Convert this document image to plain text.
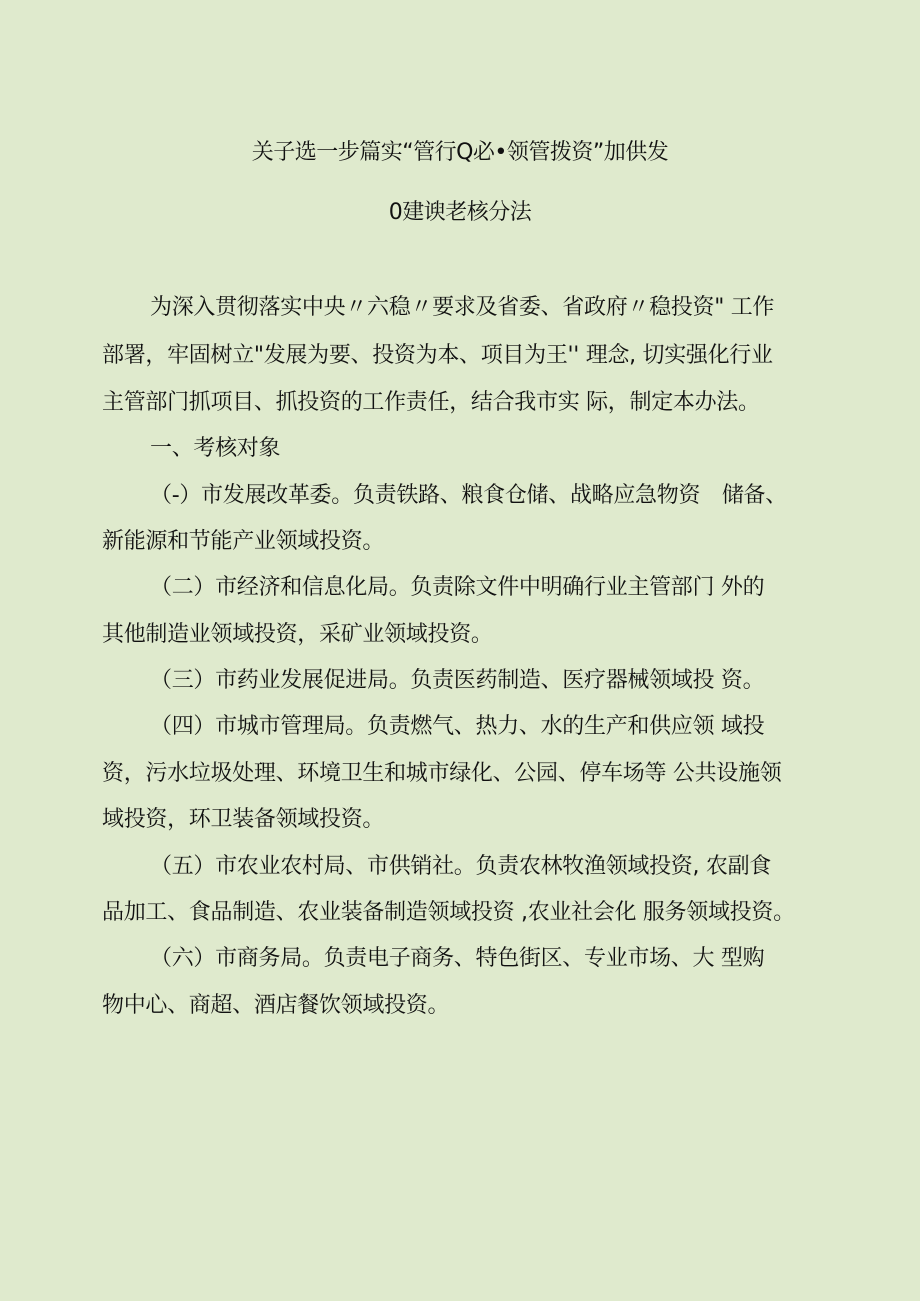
关子选一步篇实“管行Q必•领管拨资”加供发
0建谀老核分法
为深入贯彻落实中央〃六稳〃要求及省委、省政府〃稳投资" 工作
部署，牢固树立"发展为要、投资为本、项目为王'' 理念, 切实强化行业
主管部门抓项目、抓投资的工作责任，结合我市实 际，制定本办法。
一、考核对象
（-）市发展改革委。负责铁路、粮食仓储、战略应急物资　储备、
新能源和节能产业领域投资。
（二）市经济和信息化局。负责除文件中明确行业主管部门 外的
其他制造业领域投资，采矿业领域投资。
（三）市药业发展促进局。负责医药制造、医疗器械领域投 资。
（四）市城市管理局。负责燃气、热力、水的生产和供应领 域投
资，污水垃圾处理、环境卫生和城市绿化、公园、停车场等 公共设施领
域投资，环卫装备领域投资。
（五）市农业农村局、市供销社。负责农林牧渔领域投资, 农副食
品加工、食品制造、农业装备制造领域投资 ,农业社会化 服务领域投资。
（六）市商务局。负责电子商务、特色街区、专业市场、大 型购
物中心、商超、酒店餐饮领域投资。
